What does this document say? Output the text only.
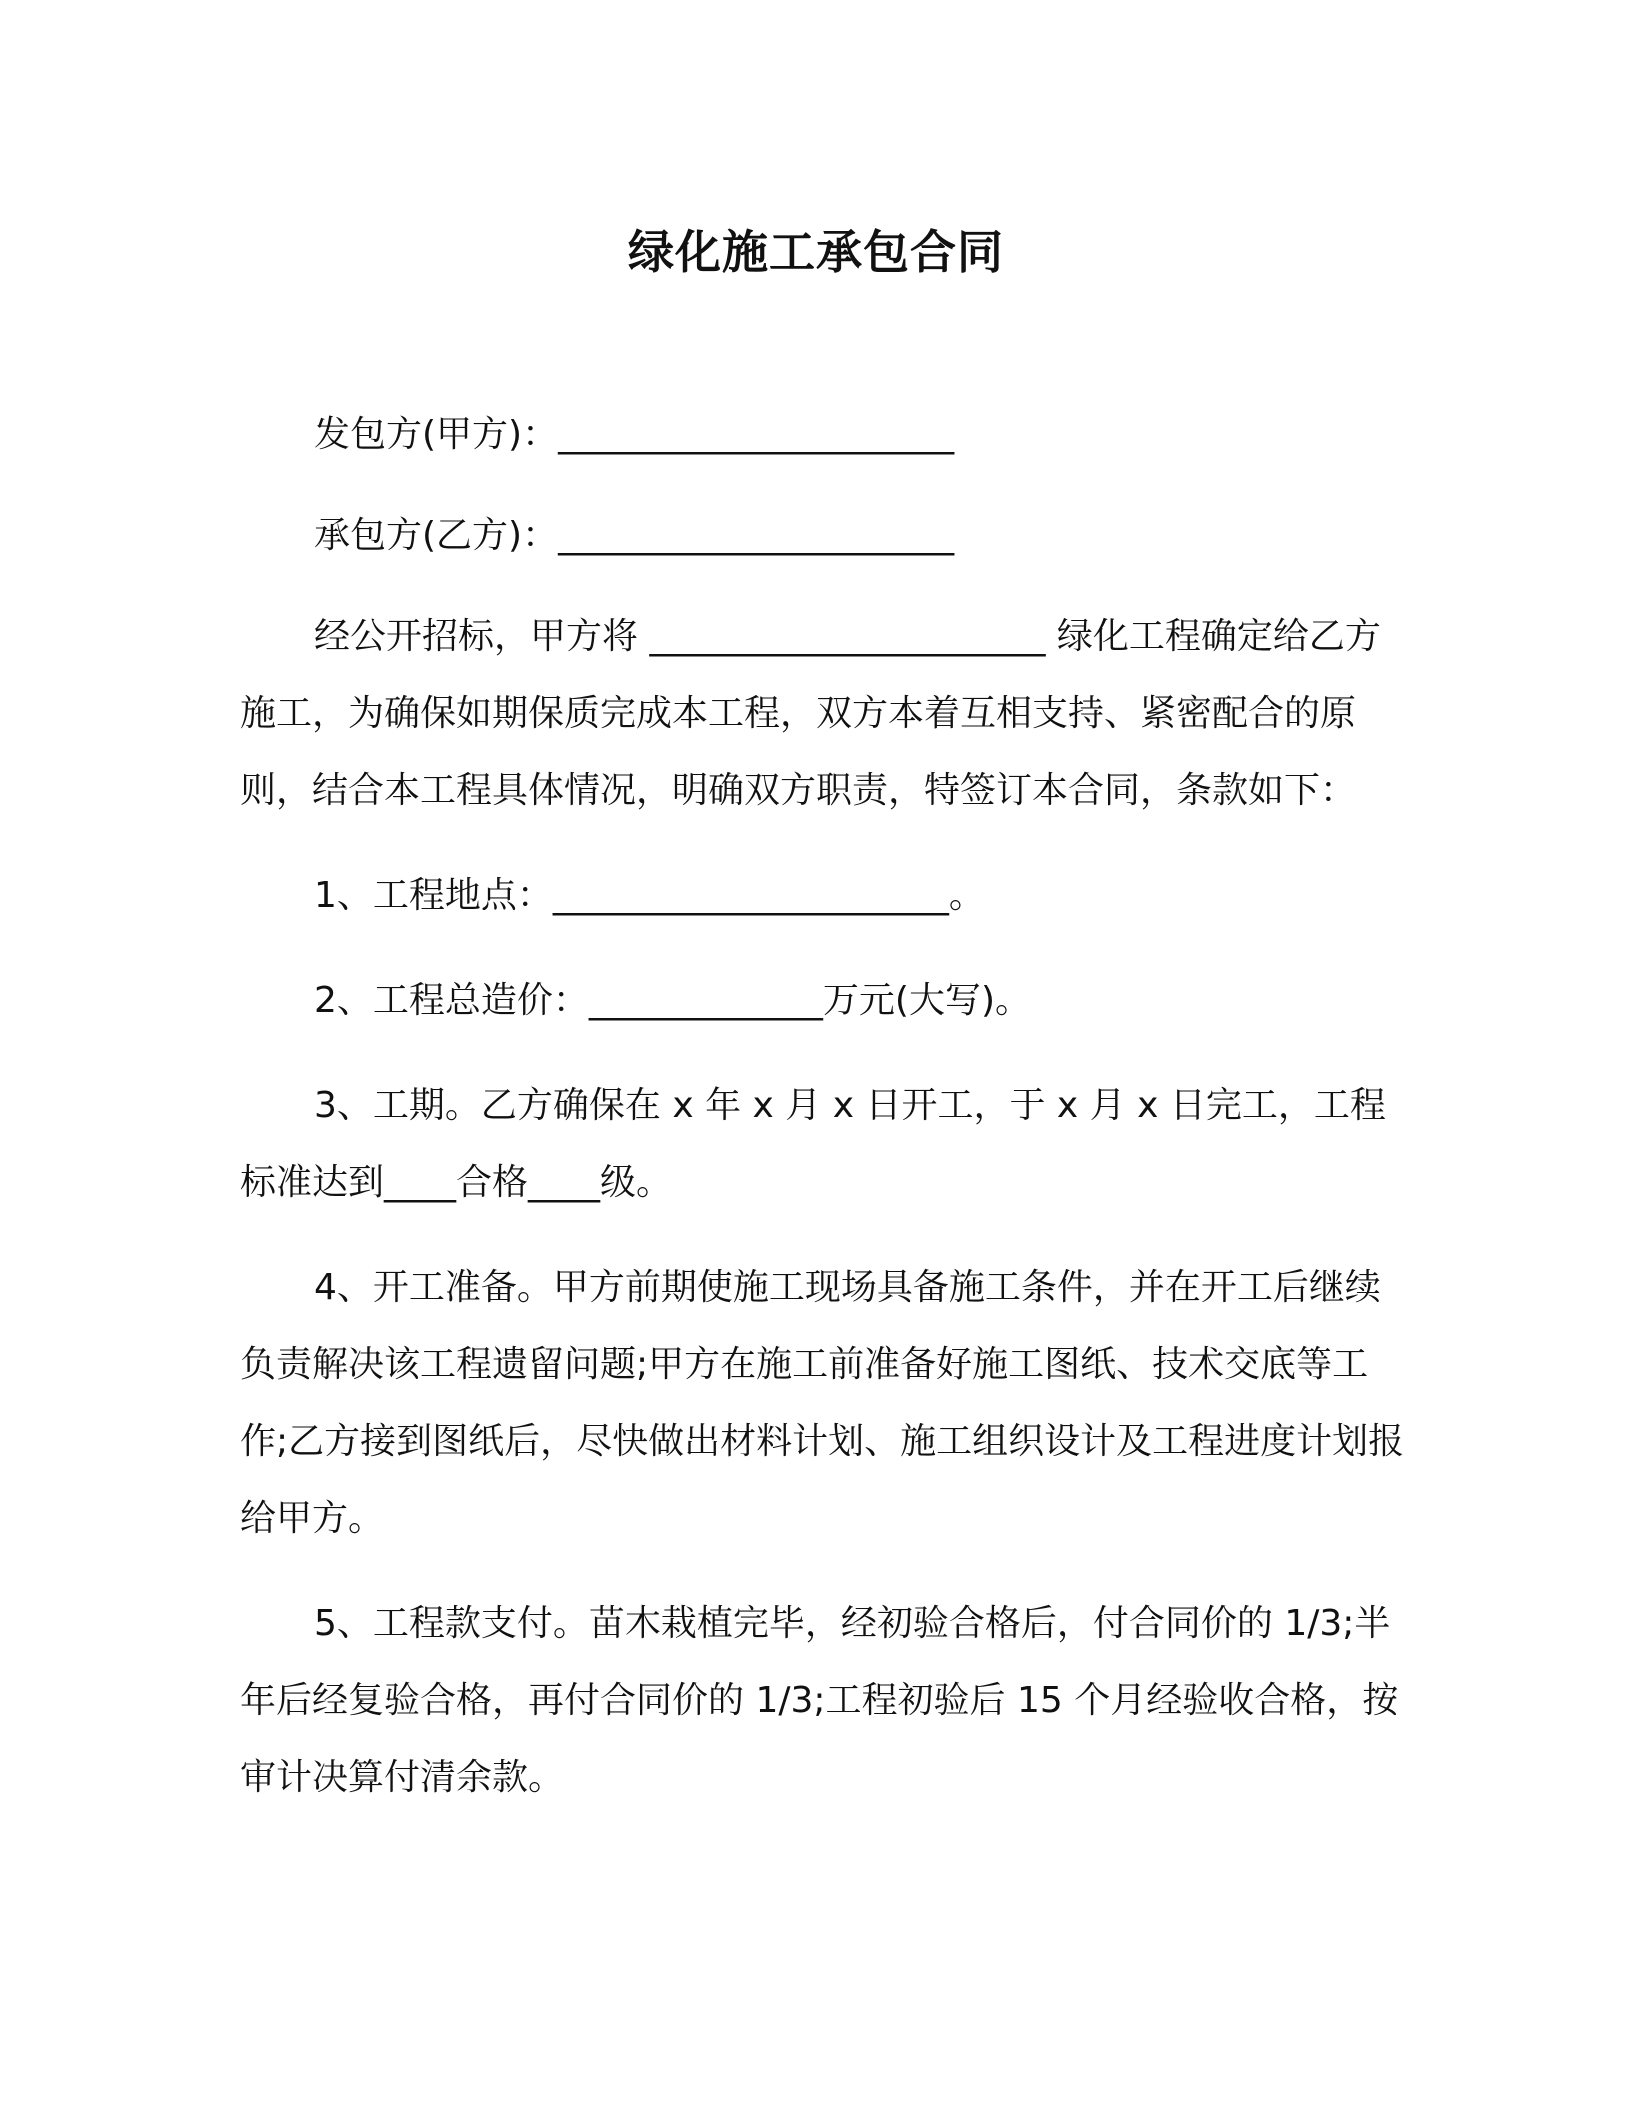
绿化施工承包合同

发包方(甲方)：______________________

承包方(乙方)：______________________

经公开招标，甲方将 ______________________ 绿化工程确定给乙方施工，为确保如期保质完成本工程，双方本着互相支持、紧密配合的原则，结合本工程具体情况，明确双方职责，特签订本合同，条款如下：

1、工程地点：______________________。

2、工程总造价：_____________万元(大写)。

3、工期。乙方确保在 x 年 x 月 x 日开工，于 x 月 x 日完工，工程标准达到____合格____级。

4、开工准备。甲方前期使施工现场具备施工条件，并在开工后继续负责解决该工程遗留问题;甲方在施工前准备好施工图纸、技术交底等工作;乙方接到图纸后，尽快做出材料计划、施工组织设计及工程进度计划报给甲方。

5、工程款支付。苗木栽植完毕，经初验合格后，付合同价的 1/3;半年后经复验合格，再付合同价的 1/3;工程初验后 15 个月经验收合格，按审计决算付清余款。
